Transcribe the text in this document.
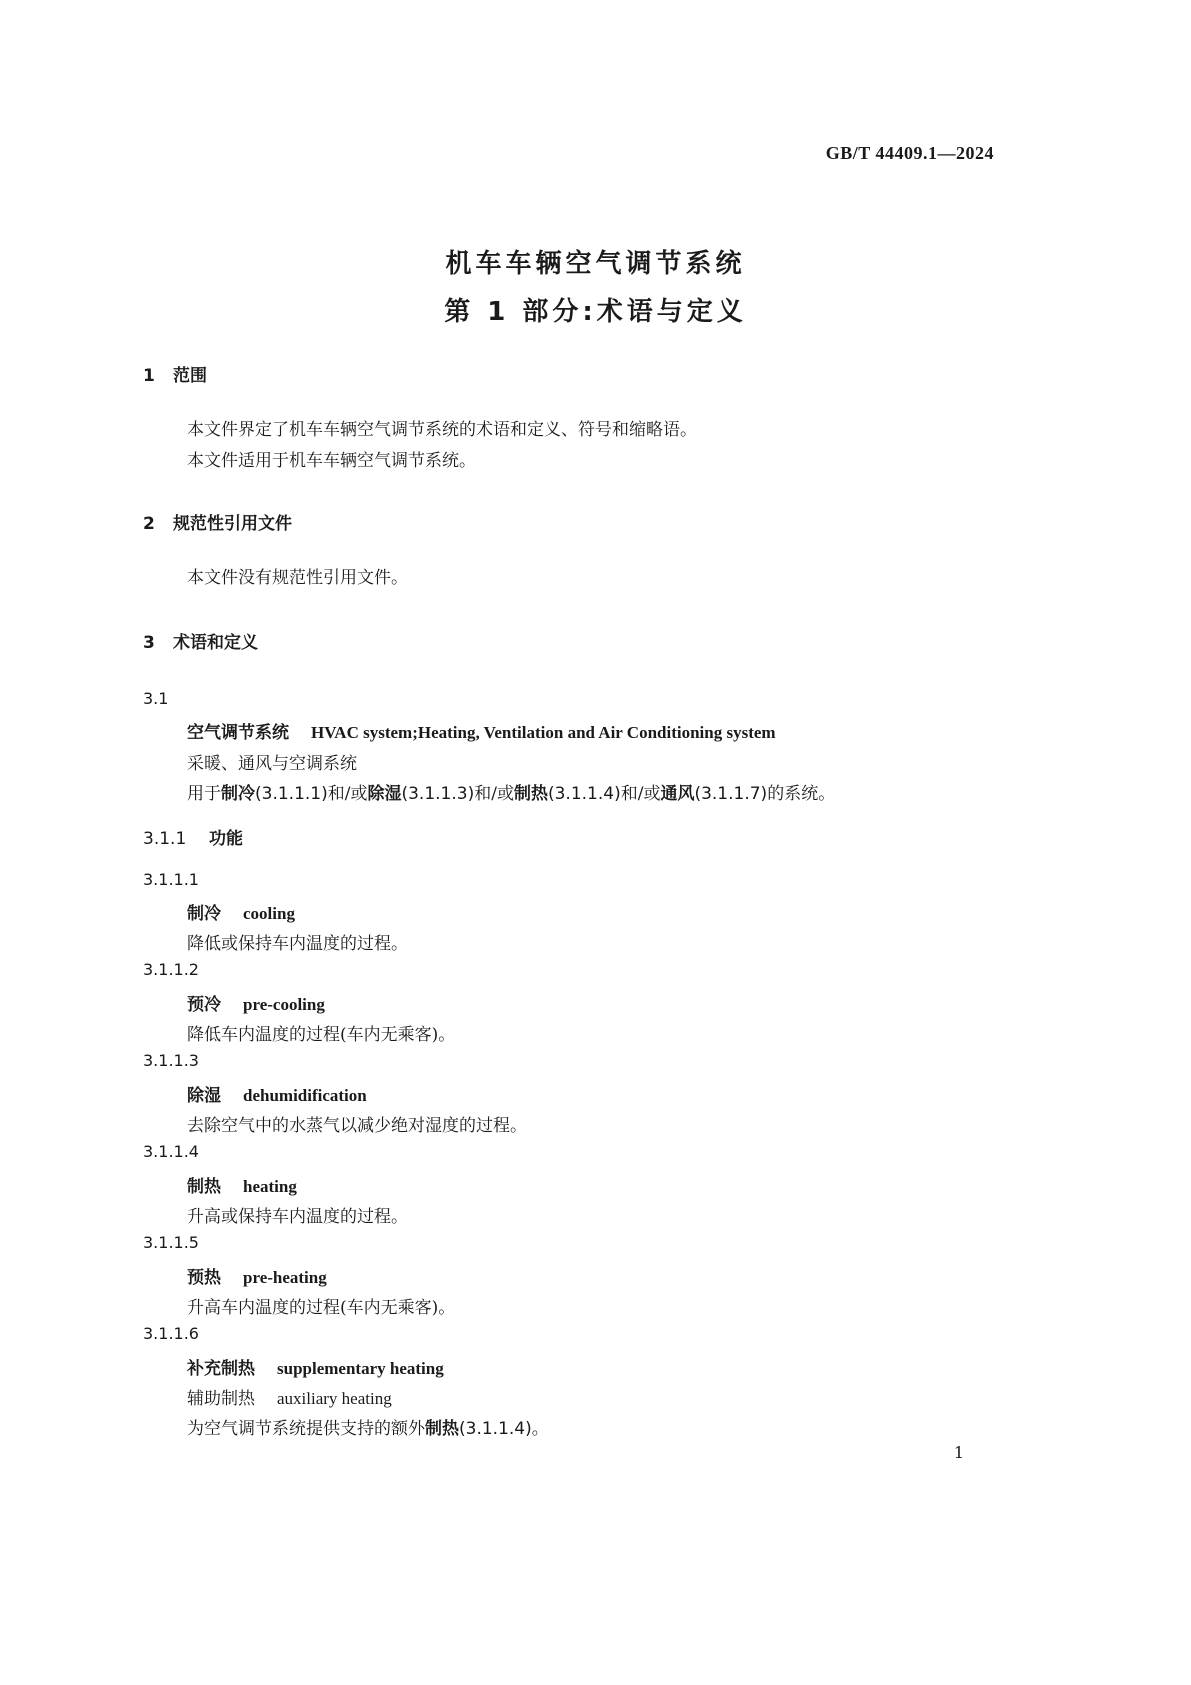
GB/T 44409.1—2024
机车车辆空气调节系统
第 1 部分:术语与定义
1 范围
本文件界定了机车车辆空气调节系统的术语和定义、符号和缩略语。
本文件适用于机车车辆空气调节系统。
2 规范性引用文件
本文件没有规范性引用文件。
3 术语和定义
3.1
空气调节系统 HVAC system;Heating, Ventilation and Air Conditioning system
采暖、通风与空调系统
用于制冷(3.1.1.1)和/或除湿(3.1.1.3)和/或制热(3.1.1.4)和/或通风(3.1.1.7)的系统。
3.1.1 功能
3.1.1.1
制冷 cooling
降低或保持车内温度的过程。
3.1.1.2
预冷 pre-cooling
降低车内温度的过程(车内无乘客)。
3.1.1.3
除湿 dehumidification
去除空气中的水蒸气以减少绝对湿度的过程。
3.1.1.4
制热 heating
升高或保持车内温度的过程。
3.1.1.5
预热 pre-heating
升高车内温度的过程(车内无乘客)。
3.1.1.6
补充制热 supplementary heating
辅助制热 auxiliary heating
为空气调节系统提供支持的额外制热(3.1.1.4)。
1
